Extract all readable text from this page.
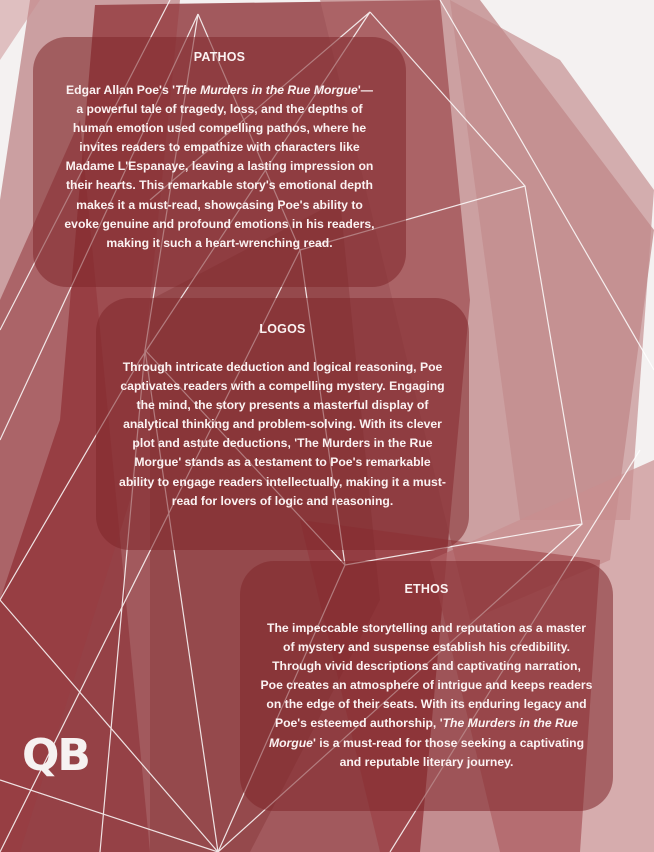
PATHOS

Edgar Allan Poe's 'The Murders in the Rue Morgue'—a powerful tale of tragedy, loss, and the depths of human emotion used compelling pathos, where he invites readers to empathize with characters like Madame L'Espanaye, leaving a lasting impression on their hearts. This remarkable story's emotional depth makes it a must-read, showcasing Poe's ability to evoke genuine and profound emotions in his readers, making it such a heart-wrenching read.

LOGOS

Through intricate deduction and logical reasoning, Poe captivates readers with a compelling mystery. Engaging the mind, the story presents a masterful display of analytical thinking and problem-solving. With its clever plot and astute deductions, 'The Murders in the Rue Morgue' stands as a testament to Poe's remarkable ability to engage readers intellectually, making it a must-read for lovers of logic and reasoning.

ETHOS

The impeccable storytelling and reputation as a master of mystery and suspense establish his credibility. Through vivid descriptions and captivating narration, Poe creates an atmosphere of intrigue and keeps readers on the edge of their seats. With its enduring legacy and Poe's esteemed authorship, 'The Murders in the Rue Morgue' is a must-read for those seeking a captivating and reputable literary journey.

QB
